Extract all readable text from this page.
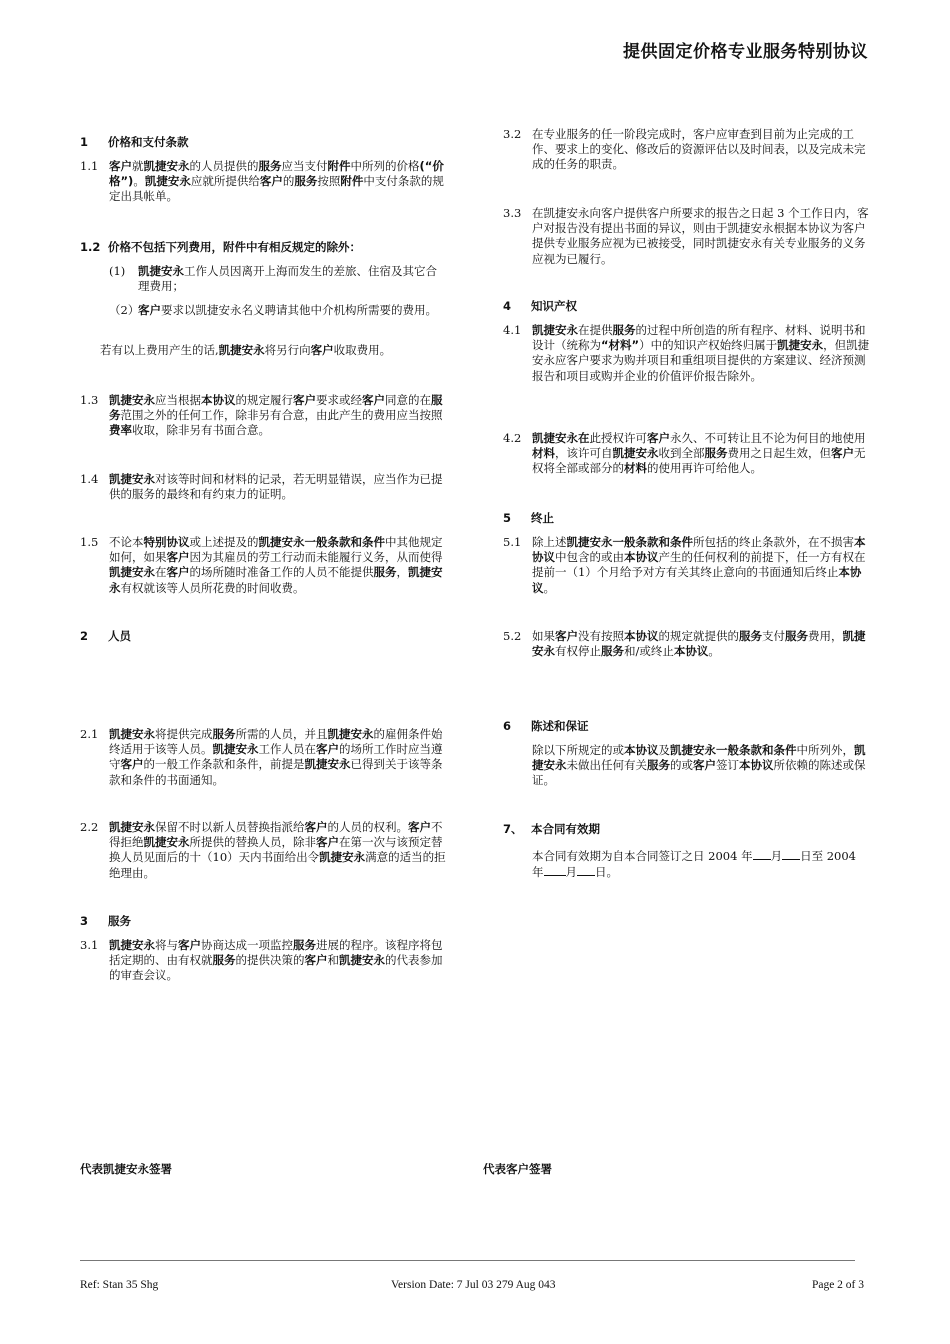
提供固定价格专业服务特别协议
1 价格和支付条款
1.1 客户就凯捷安永的人员提供的服务应当支付附件中所列的价格(“价格”)。凯捷安永应就所提供给客户的服务按照附件中支付条款的规定出具帐单。
1.2 价格不包括下列费用，附件中有相反规定的除外：
(1)	凯捷安永工作人员因离开上海而发生的差旅、住宿及其它合理费用；
（2）
客户要求以凯捷安永名义聘请其他中介机构所需要的费用。
若有以上费用产生的话,凯捷安永将另行向客户收取费用。
1.3 凯捷安永应当根据本协议的规定履行客户要求或经客户同意的在服务范围之外的任何工作，除非另有合意，由此产生的费用应当按照费率收取，除非另有书面合意。
1.4 凯捷安永对该等时间和材料的记录，若无明显错误，应当作为已提供的服务的最终和有约束力的证明。
1.5 不论本特别协议或上述提及的凯捷安永一般条款和条件中其他规定如何，如果客户因为其雇员的劳工行动而未能履行义务，从而使得凯捷安永在客户的场所随时准备工作的人员不能提供服务，凯捷安永有权就该等人员所花费的时间收费。
2 人员
2.1 凯捷安永将提供完成服务所需的人员，并且凯捷安永的雇佣条件始终适用于该等人员。凯捷安永工作人员在客户的场所工作时应当遵守客户的一般工作条款和条件，前提是凯捷安永已得到关于该等条款和条件的书面通知。
2.2 凯捷安永保留不时以新人员替换指派给客户的人员的权利。客户不得拒绝凯捷安永所提供的替换人员，除非客户在第一次与该预定替换人员见面后的十（10）天内书面给出令凯捷安永满意的适当的拒绝理由。
3 服务
3.1 凯捷安永将与客户协商达成一项监控服务进展的程序。该程序将包括定期的、由有权就服务的提供决策的客户和凯捷安永的代表参加的审查会议。
3.2 在专业服务的任一阶段完成时，客户应审查到目前为止完成的工作、要求上的变化、修改后的资源评估以及时间表，以及完成未完成的任务的职责。
3.3 在凯捷安永向客户提供客户所要求的报告之日起 3 个工作日内，客户对报告没有提出书面的异议，则由于凯捷安永根据本协议为客户提供专业服务应视为已被接受，同时凯捷安永有关专业服务的义务应视为已履行。
4 知识产权
4.1 凯捷安永在提供服务的过程中所创造的所有程序、材料、说明书和设计（统称为“材料”）中的知识产权始终归属于凯捷安永，但凯捷安永应客户要求为购并项目和重组项目提供的方案建议、经济预测报告和项目或购并企业的价值评价报告除外。
4.2 凯捷安永在此授权许可客户永久、不可转让且不论为何目的地使用材料，该许可自凯捷安永收到全部服务费用之日起生效，但客户无权将全部或部分的材料的使用再许可给他人。
5 终止
5.1 除上述凯捷安永一般条款和条件所包括的终止条款外，在不损害本协议中包含的或由本协议产生的任何权利的前提下，任一方有权在提前一（1）个月给予对方有关其终止意向的书面通知后终止本协议。
5.2 如果客户没有按照本协议的规定就提供的服务支付服务费用，凯捷安永有权停止服务和/或终止本协议。
6 陈述和保证
除以下所规定的或本协议及凯捷安永一般条款和条件中所列外，凯捷安永未做出任何有关服务的或客户签订本协议所依赖的陈述或保证。
7、 本合同有效期
本合同有效期为自本合同签订之日 2004 年 月 日至 2004 年 月 日。
代表凯捷安永签署	代表客户签署
Ref: Stan 35 Shg	Version Date: 7 Jul 03 279 Aug 043	Page 2 of 3
